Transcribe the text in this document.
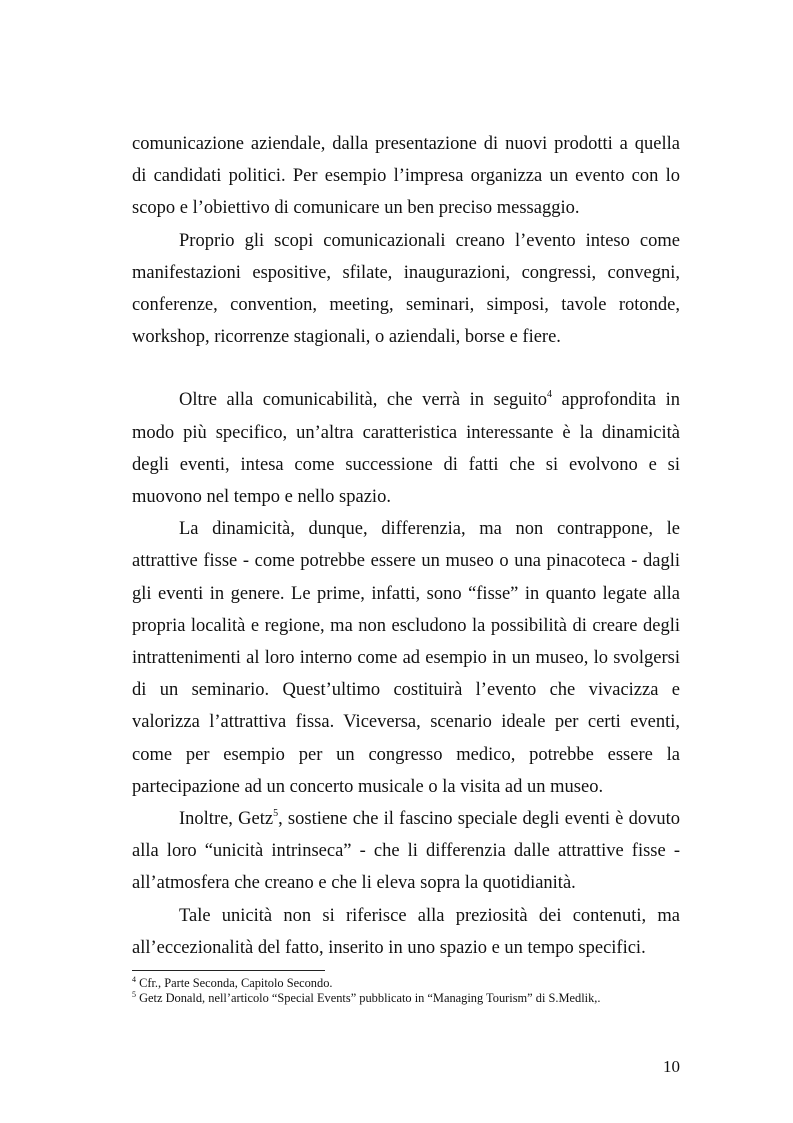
comunicazione aziendale, dalla presentazione di nuovi prodotti a quella di candidati politici. Per esempio l’impresa organizza un evento con lo scopo e l’obiettivo di comunicare un ben preciso messaggio.

Proprio gli scopi comunicazionali creano l’evento inteso come manifestazioni espositive, sfilate, inaugurazioni, congressi, convegni, conferenze, convention, meeting, seminari, simposi, tavole rotonde, workshop, ricorrenze stagionali, o aziendali, borse e fiere.

Oltre alla comunicabilità, che verrà in seguito$^4$ approfondita in modo più specifico, un’altra caratteristica interessante è la dinamicità degli eventi, intesa come successione di fatti che si evolvono e si muovono nel tempo e nello spazio.

La dinamicità, dunque, differenzia, ma non contrappone, le attrattive fisse - come potrebbe essere un museo o una pinacoteca - dagli gli eventi in genere. Le prime, infatti, sono “fisse” in quanto legate alla propria località e regione, ma non escludono la possibilità di creare degli intrattenimenti al loro interno come ad esempio in un museo, lo svolgersi di un seminario. Quest’ultimo costituirà l’evento che vivacizza e valorizza l’attrattiva fissa. Viceversa, scenario ideale per certi eventi, come per esempio per un congresso medico, potrebbe essere la partecipazione ad un concerto musicale o la visita ad un museo.

Inoltre, Getz$^5$, sostiene che il fascino speciale degli eventi è dovuto alla loro “unicità intrinseca” - che li differenzia dalle attrattive fisse - all’atmosfera che creano e che li eleva sopra la quotidianità.

Tale unicità non si riferisce alla preziosità dei contenuti, ma all’eccezionalità del fatto, inserito in uno spazio e un tempo specifici.

$^4$ Cfr., Parte Seconda, Capitolo Secondo.

$^5$ Getz Donald, nell’articolo “Special Events” pubblicato in “Managing Tourism” di S.Medlik,.

10
